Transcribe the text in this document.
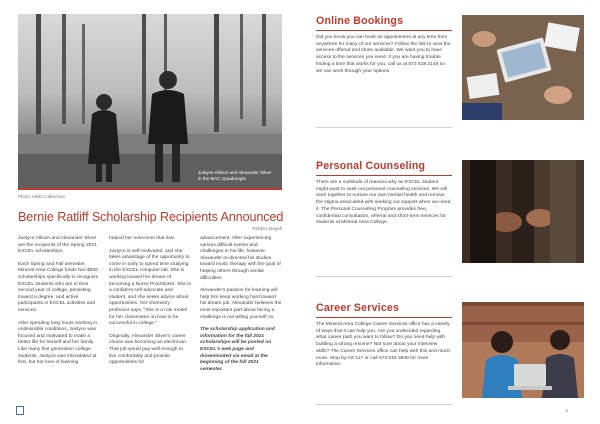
Justyce Allison and Alexander Silver in the MAC Quadrangle
Photo: Nikki Culbertson
Bernie Ratliff Scholarship Recipients Announced
Robbin Siegell

Justyce Allison and Alexander Silver are the recipients of the Spring 2021 EXCEL scholarships.

Each Spring and Fall semester, Mineral Area College funds two $500 scholarships specifically to recognize EXCEL students who are in their second year of college, persisting toward a degree, and active participants in EXCEL activities and services.

After spending long hours working in undesirable conditions, Justyce was focused and motivated to make a better life for herself and her family. Like many first generation college students, Justyce was intimidated at first, but her love of learning

helped her overcome that fear.

Justyce is self-motivated, and she takes advantage of the opportunity to come in early to spend time studying in the EXCEL computer lab. She is working toward her dream of becoming a Nurse Practitioner. She is a confident self-advocate and student, and she seeks advice about opportunities. Her chemistry professor says, "She is a role model for her classmates on how to be successful in college."

Originally, Alexander Silver's career choice was becoming an electrician. That job would pay well enough to live comfortably and provide opportunities for

advancement. After experiencing various difficult events and challenges in his life, however, Alexander re-directed his studies toward music therapy with the goal of helping others through similar difficulties.

Alexander's passion for learning will help him keep working hard toward his dream job. Alexander believes the most important part about facing a challenge is not telling yourself no.

The scholarship application and information for the fall 2021 scholarships will be posted on EXCEL's web page and disseminated via email at the beginning of the fall 2021 semester.

Online Bookings
Did you know you can book an appointment at any time from anywhere for many of our services? Follow the link to view the services offered and times available. We want you to have access to the services you need. If you are having trouble finding a time that works for you, call us at 573 518 2149 so we can work through your options.
Personal Counseling
There are a multitude of reasons why an EXCEL student might want to seek out personal counseling services. We will work together to nurture our own mental health and remove the stigma associated with seeking out support when we need it. The Personal Counseling Program provides free, confidential consultation, referral and short-term services for students at Mineral Area College.
Career Services
The Mineral Area College Career Services office has a variety of ways that it can help you. Are you undecided regarding what career path you want to follow? Do you need help with building a strong resume? Not sure about your interview skills? The Career Services office can help with this and much more. Stop by AS 117 or call 573 518 3848 for more information.
5
